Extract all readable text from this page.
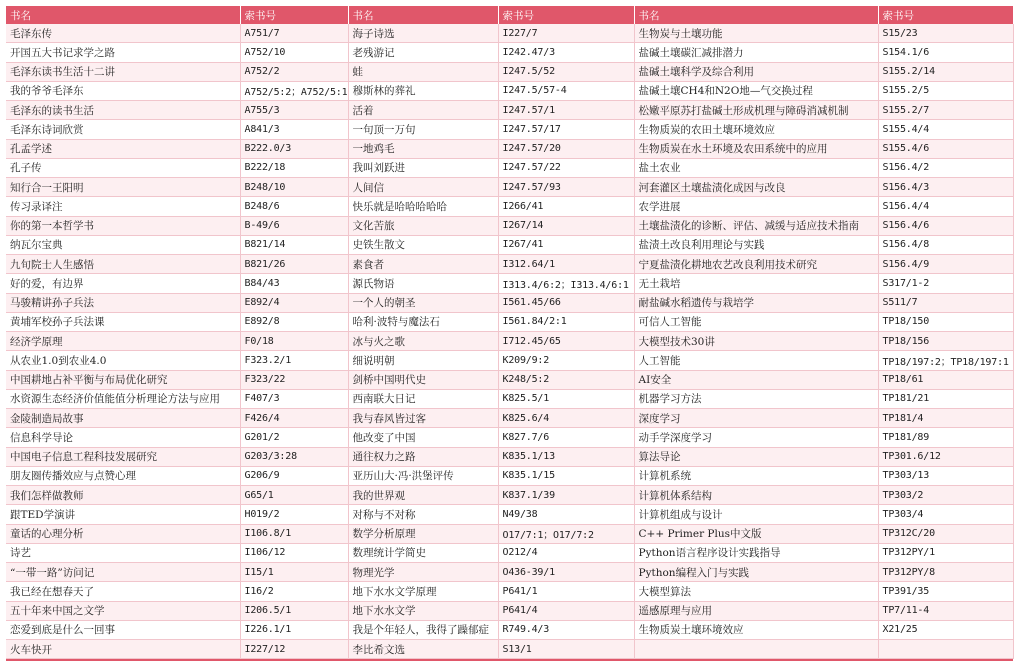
书名	索书号	书名	索书号	书名	索书号
毛泽东传	A751/7	海子诗选	I227/7	生物炭与土壤功能	S15/23
开国五大书记求学之路	A752/10	老残游记	I242.47/3	盐碱土壤碳汇减排潜力	S154.1/6
毛泽东读书生活十二讲	A752/2	蛙	I247.5/52	盐碱土壤科学及综合利用	S155.2/14
我的爷爷毛泽东	A752/5:2；A752/5:1	穆斯林的葬礼	I247.5/57-4	盐碱土壤CH4和N2O地—气交换过程	S155.2/5
毛泽东的读书生活	A755/3	活着	I247.57/1	松嫩平原苏打盐碱土形成机理与障碍消减机制	S155.2/7
毛泽东诗词欣赏	A841/3	一句顶一万句	I247.57/17	生物质炭的农田土壤环境效应	S155.4/4
孔孟学述	B222.0/3	一地鸡毛	I247.57/20	生物质炭在水土环境及农田系统中的应用	S155.4/6
孔子传	B222/18	我叫刘跃进	I247.57/22	盐土农业	S156.4/2
知行合一王阳明	B248/10	人间信	I247.57/93	河套灌区土壤盐渍化成因与改良	S156.4/3
传习录译注	B248/6	快乐就是哈哈哈哈哈	I266/41	农学进展	S156.4/4
你的第一本哲学书	B-49/6	文化苦旅	I267/14	土壤盐渍化的诊断、评估、减缓与适应技术指南	S156.4/6
纳瓦尔宝典	B821/14	史铁生散文	I267/41	盐渍土改良利用理论与实践	S156.4/8
九旬院士人生感悟	B821/26	素食者	I312.64/1	宁夏盐渍化耕地农艺改良利用技术研究	S156.4/9
好的爱，有边界	B84/43	源氏物语	I313.4/6:2；I313.4/6:1	无土栽培	S317/1-2
马骏精讲孙子兵法	E892/4	一个人的朝圣	I561.45/66	耐盐碱水稻遗传与栽培学	S511/7
黄埔军校孙子兵法课	E892/8	哈利·波特与魔法石	I561.84/2:1	可信人工智能	TP18/150
经济学原理	F0/18	冰与火之歌	I712.45/65	大模型技术30讲	TP18/156
从农业1.0到农业4.0	F323.2/1	细说明朝	K209/9:2	人工智能	TP18/197:2；TP18/197:1
中国耕地占补平衡与布局优化研究	F323/22	剑桥中国明代史	K248/5:2	AI安全	TP18/61
水资源生态经济价值能值分析理论方法与应用	F407/3	西南联大日记	K825.5/1	机器学习方法	TP181/21
金陵制造局故事	F426/4	我与春风皆过客	K825.6/4	深度学习	TP181/4
信息科学导论	G201/2	他改变了中国	K827.7/6	动手学深度学习	TP181/89
中国电子信息工程科技发展研究	G203/3:28	通往权力之路	K835.1/13	算法导论	TP301.6/12
朋友圈传播效应与点赞心理	G206/9	亚历山大·冯·洪堡评传	K835.1/15	计算机系统	TP303/13
我们怎样做教师	G65/1	我的世界观	K837.1/39	计算机体系结构	TP303/2
跟TED学演讲	H019/2	对称与不对称	N49/38	计算机组成与设计	TP303/4
童话的心理分析	I106.8/1	数学分析原理	O17/7:1；O17/7:2	C++ Primer Plus中文版	TP312C/20
诗艺	I106/12	数理统计学简史	O212/4	Python语言程序设计实践指导	TP312PY/1
“一带一路”访问记	I15/1	物理光学	O436-39/1	Python编程入门与实践	TP312PY/8
我已经在想春天了	I16/2	地下水水文学原理	P641/1	大模型算法	TP391/35
五十年来中国之文学	I206.5/1	地下水水文学	P641/4	遥感原理与应用	TP7/11-4
恋爱到底是什么一回事	I226.1/1	我是个年轻人，我得了躁郁症	R749.4/3	生物质炭土壤环境效应	X21/25
火车快开	I227/12	李比希文选	S13/1		
